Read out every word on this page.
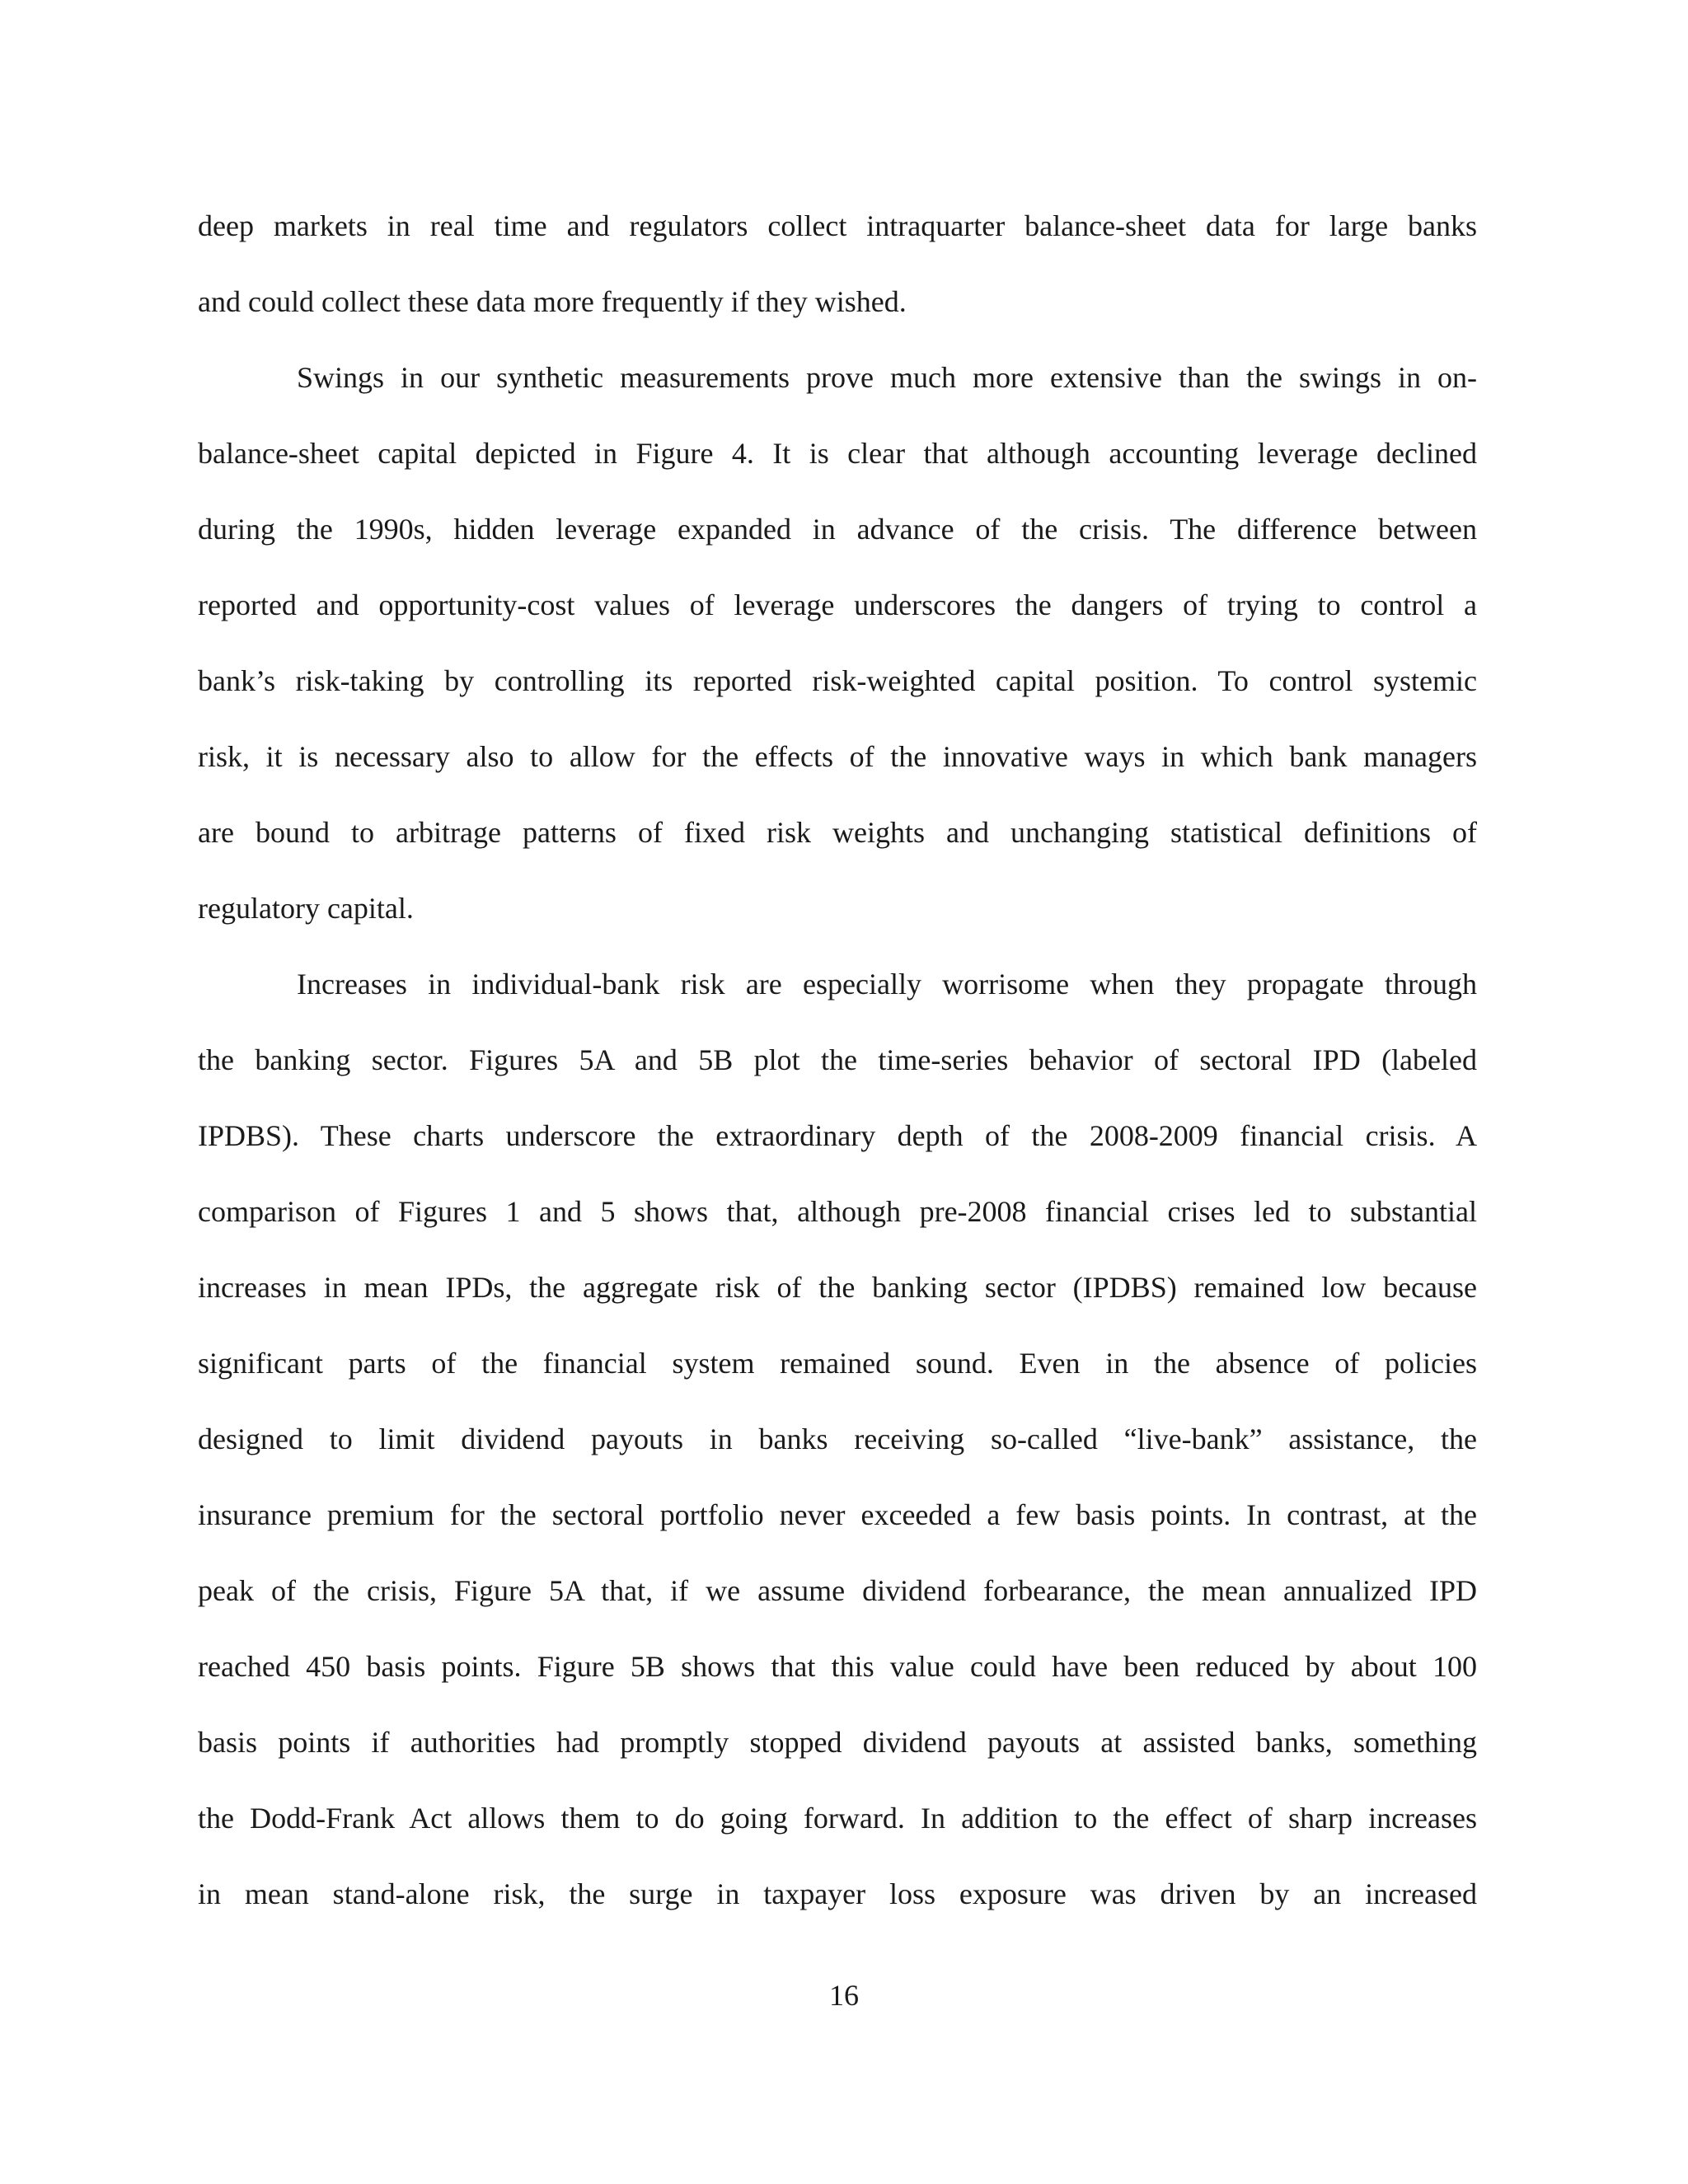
deep markets in real time and regulators collect intraquarter balance-sheet data for large banks
and could collect these data more frequently if they wished.
Swings in our synthetic measurements prove much more extensive than the swings in on-
balance-sheet capital depicted in Figure 4. It is clear that although accounting leverage declined
during the 1990s, hidden leverage expanded in advance of the crisis. The difference between
reported and opportunity-cost values of leverage underscores the dangers of trying to control a
bank’s risk-taking by controlling its reported risk-weighted capital position. To control systemic
risk, it is necessary also to allow for the effects of the innovative ways in which bank managers
are bound to arbitrage patterns of fixed risk weights and unchanging statistical definitions of
regulatory capital.
Increases in individual-bank risk are especially worrisome when they propagate through
the banking sector. Figures 5A and 5B plot the time-series behavior of sectoral IPD (labeled
IPDBS). These charts underscore the extraordinary depth of the 2008-2009 financial crisis. A
comparison of Figures 1 and 5 shows that, although pre-2008 financial crises led to substantial
increases in mean IPDs, the aggregate risk of the banking sector (IPDBS) remained low because
significant parts of the financial system remained sound. Even in the absence of policies
designed to limit dividend payouts in banks receiving so-called “live-bank” assistance, the
insurance premium for the sectoral portfolio never exceeded a few basis points. In contrast, at the
peak of the crisis, Figure 5A that, if we assume dividend forbearance, the mean annualized IPD
reached 450 basis points. Figure 5B shows that this value could have been reduced by about 100
basis points if authorities had promptly stopped dividend payouts at assisted banks, something
the Dodd-Frank Act allows them to do going forward. In addition to the effect of sharp increases
in mean stand-alone risk, the surge in taxpayer loss exposure was driven by an increased
16
